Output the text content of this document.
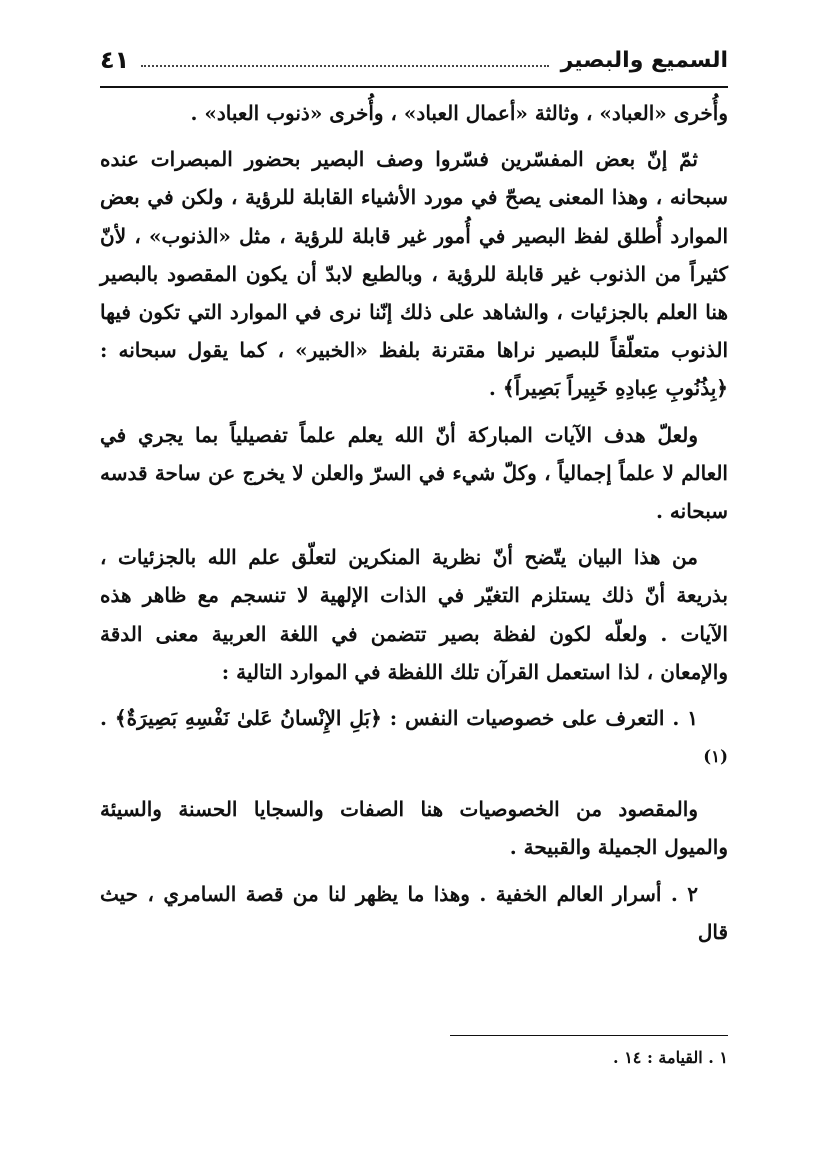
السميع والبصير
٤١

وأُخرى «العباد» ، وثالثة «أعمال العباد» ، وأُخرى «ذنوب العباد» .

ثمّ إنّ بعض المفسّرين فسّروا وصف البصير بحضور المبصرات عنده سبحانه ، وهذا المعنى يصحّ في مورد الأشياء القابلة للرؤية ، ولكن في بعض الموارد أُطلق لفظ البصير في أُمور غير قابلة للرؤية ، مثل «الذنوب» ، لأنّ كثيراً من الذنوب غير قابلة للرؤية ، وبالطبع لابدّ أن يكون المقصود بالبصير هنا العلم بالجزئيات ، والشاهد على ذلك إنّنا نرى في الموارد التي تكون فيها الذنوب متعلّقاً للبصير نراها مقترنة بلفظ «الخبير» ، كما يقول سبحانه : ﴿بِذُنُوبِ عِبادِهِ خَبِيراً بَصِيراً﴾ .

ولعلّ هدف الآيات المباركة أنّ الله يعلم علماً تفصيلياً بما يجري في العالم لا علماً إجمالياً ، وكلّ شيء في السرّ والعلن لا يخرج عن ساحة قدسه سبحانه .

من هذا البيان يتّضح أنّ نظرية المنكرين لتعلّق علم الله بالجزئيات ، بذريعة أنّ ذلك يستلزم التغيّر في الذات الإلهية لا تنسجم مع ظاهر هذه الآيات . ولعلّه لكون لفظة بصير تتضمن في اللغة العربية معنى الدقة والإمعان ، لذا استعمل القرآن تلك اللفظة في الموارد التالية :

١ . التعرف على خصوصيات النفس : ﴿بَلِ الإِنْسانُ عَلىٰ نَفْسِهِ بَصِيرَةٌ﴾ . $^{(١)}$

والمقصود من الخصوصيات هنا الصفات والسجايا الحسنة والسيئة والميول الجميلة والقبيحة .

٢ . أسرار العالم الخفية . وهذا ما يظهر لنا من قصة السامري ، حيث قال

١ . القيامة : ١٤ .
